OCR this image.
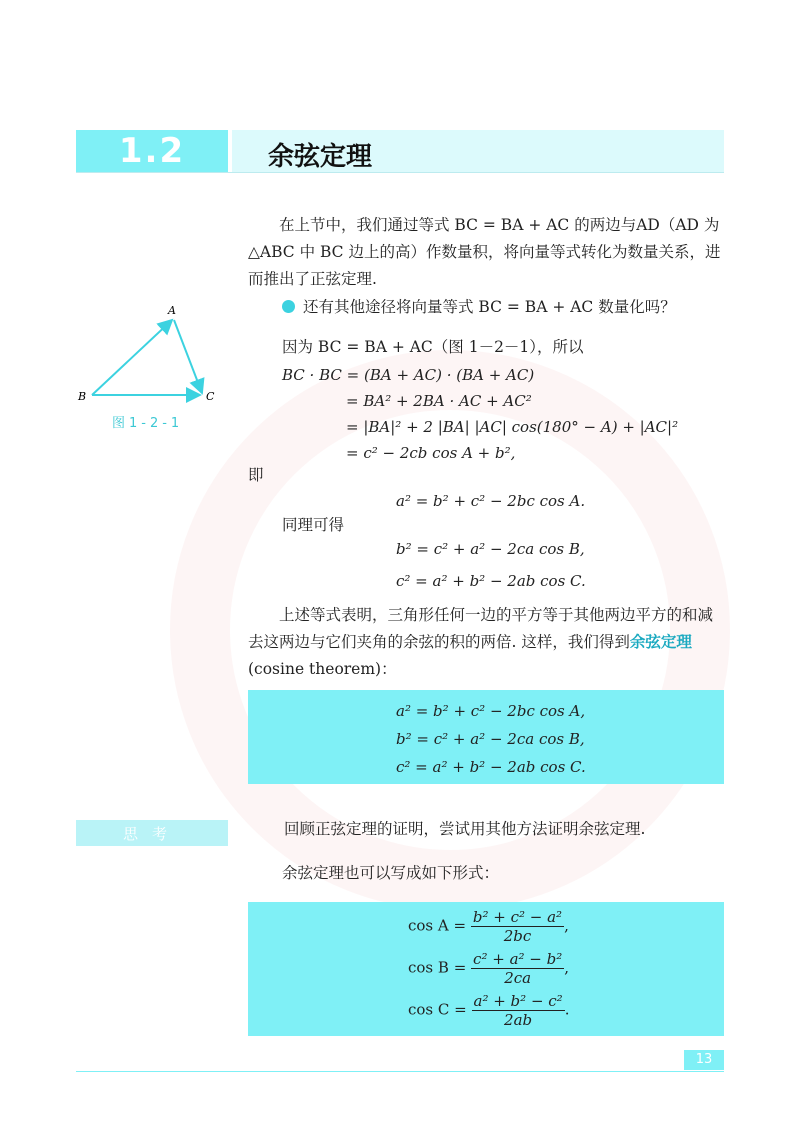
1.2	余弦定理
在上节中，我们通过等式 BC = BA + AC 的两边与AD（AD 为 △ABC 中 BC 边上的高）作数量积，将向量等式转化为数量关系，进而推出了正弦定理.
还有其他途径将向量等式 BC = BA + AC 数量化吗？
因为 BC = BA + AC（图 1－2－1），所以
BC · BC = (BA + AC) · (BA + AC)
= BA² + 2BA · AC + AC²
= |BA|² + 2 |BA| |AC| cos(180° − A) + |AC|²
= c² − 2cb cos A + b²,
即
a² = b² + c² − 2bc cos A.
同理可得
b² = c² + a² − 2ca cos B,
c² = a² + b² − 2ab cos C.
上述等式表明，三角形任何一边的平方等于其他两边平方的和减去这两边与它们夹角的余弦的积的两倍. 这样，我们得到余弦定理(cosine theorem)：
a² = b² + c² − 2bc cos A,
b² = c² + a² − 2ca cos B,
c² = a² + b² − 2ab cos C.
思考	回顾正弦定理的证明，尝试用其他方法证明余弦定理.
余弦定理也可以写成如下形式：
$\cos A = \frac{\text{b² + c² − a²}}{2bc}$ ,
$\cos B = \frac{\text{c² + a² − b²}}{2ca}$ ,
$\cos C = \frac{\text{a² + b² − c²}}{2ab}$ .
A
B	C
图1-2-1
13
